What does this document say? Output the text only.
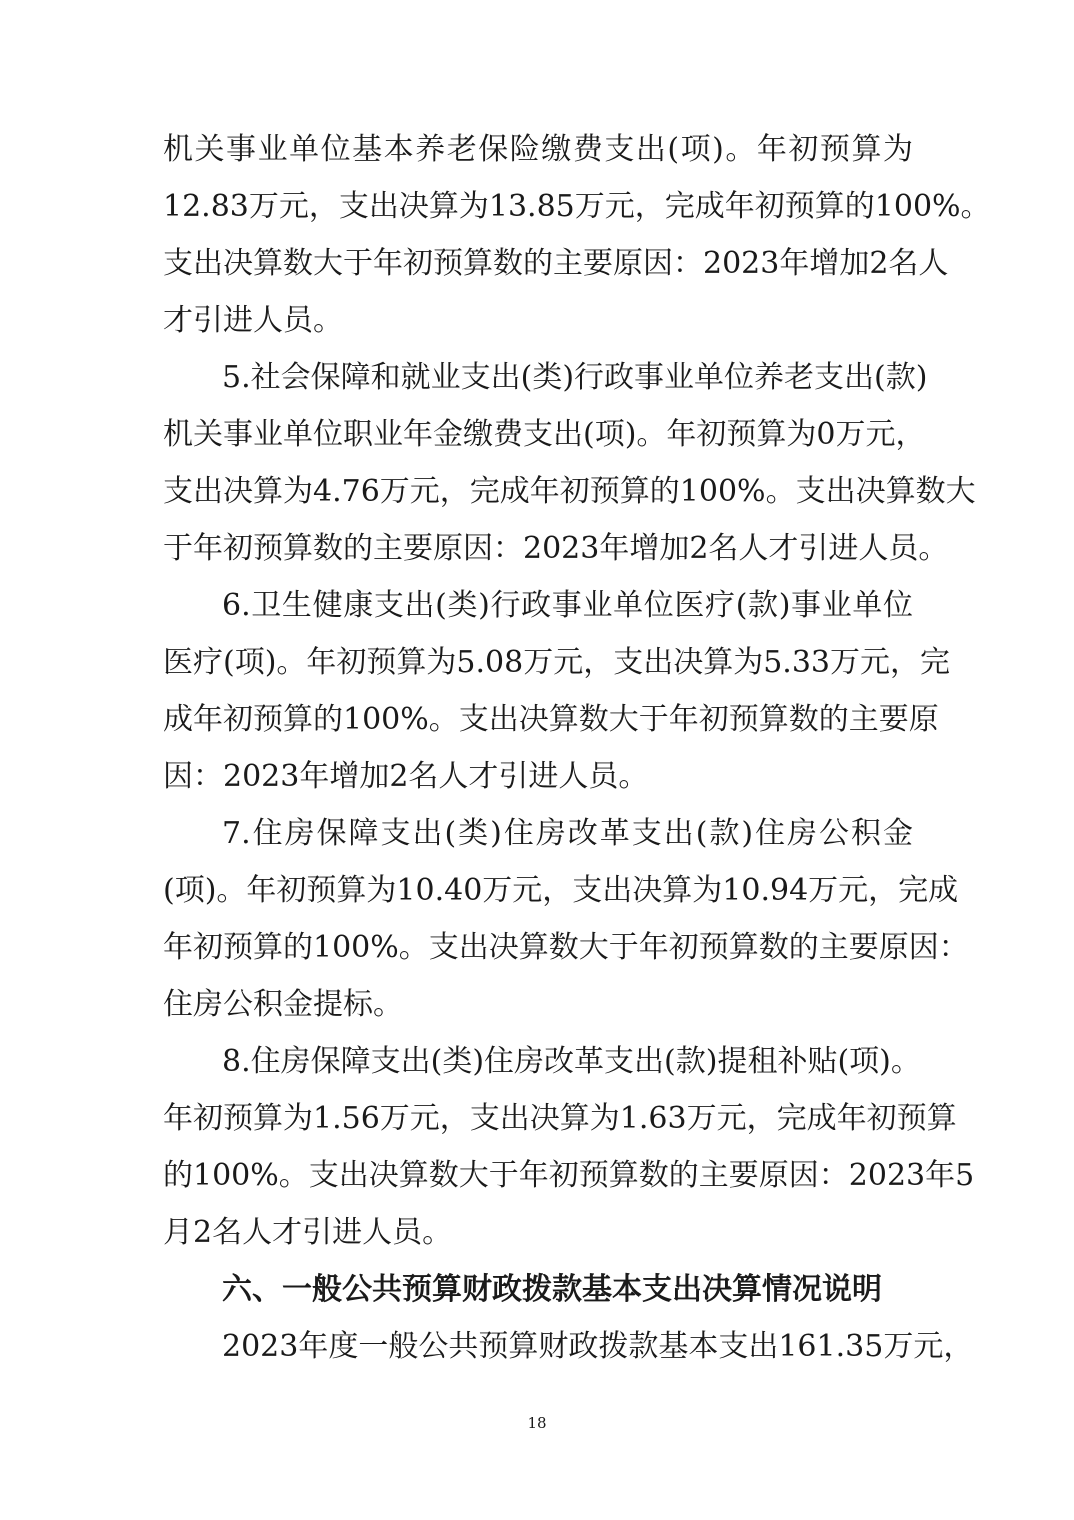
机关事业单位基本养老保险缴费支出(项)。年初预算为
12.83万元，支出决算为13.85万元，完成年初预算的100%。
支出决算数大于年初预算数的主要原因：2023年增加2名人
才引进人员。
5.社会保障和就业支出(类)行政事业单位养老支出(款)
机关事业单位职业年金缴费支出(项)。年初预算为0万元，
支出决算为4.76万元，完成年初预算的100%。支出决算数大
于年初预算数的主要原因：2023年增加2名人才引进人员。
6.卫生健康支出(类)行政事业单位医疗(款)事业单位
医疗(项)。年初预算为5.08万元，支出决算为5.33万元，完
成年初预算的100%。支出决算数大于年初预算数的主要原
因：2023年增加2名人才引进人员。
7.住房保障支出(类)住房改革支出(款)住房公积金
(项)。年初预算为10.40万元，支出决算为10.94万元，完成
年初预算的100%。支出决算数大于年初预算数的主要原因：
住房公积金提标。
8.住房保障支出(类)住房改革支出(款)提租补贴(项)。
年初预算为1.56万元，支出决算为1.63万元，完成年初预算
的100%。支出决算数大于年初预算数的主要原因：2023年5
月2名人才引进人员。
六、一般公共预算财政拨款基本支出决算情况说明
2023年度一般公共预算财政拨款基本支出161.35万元，
18
